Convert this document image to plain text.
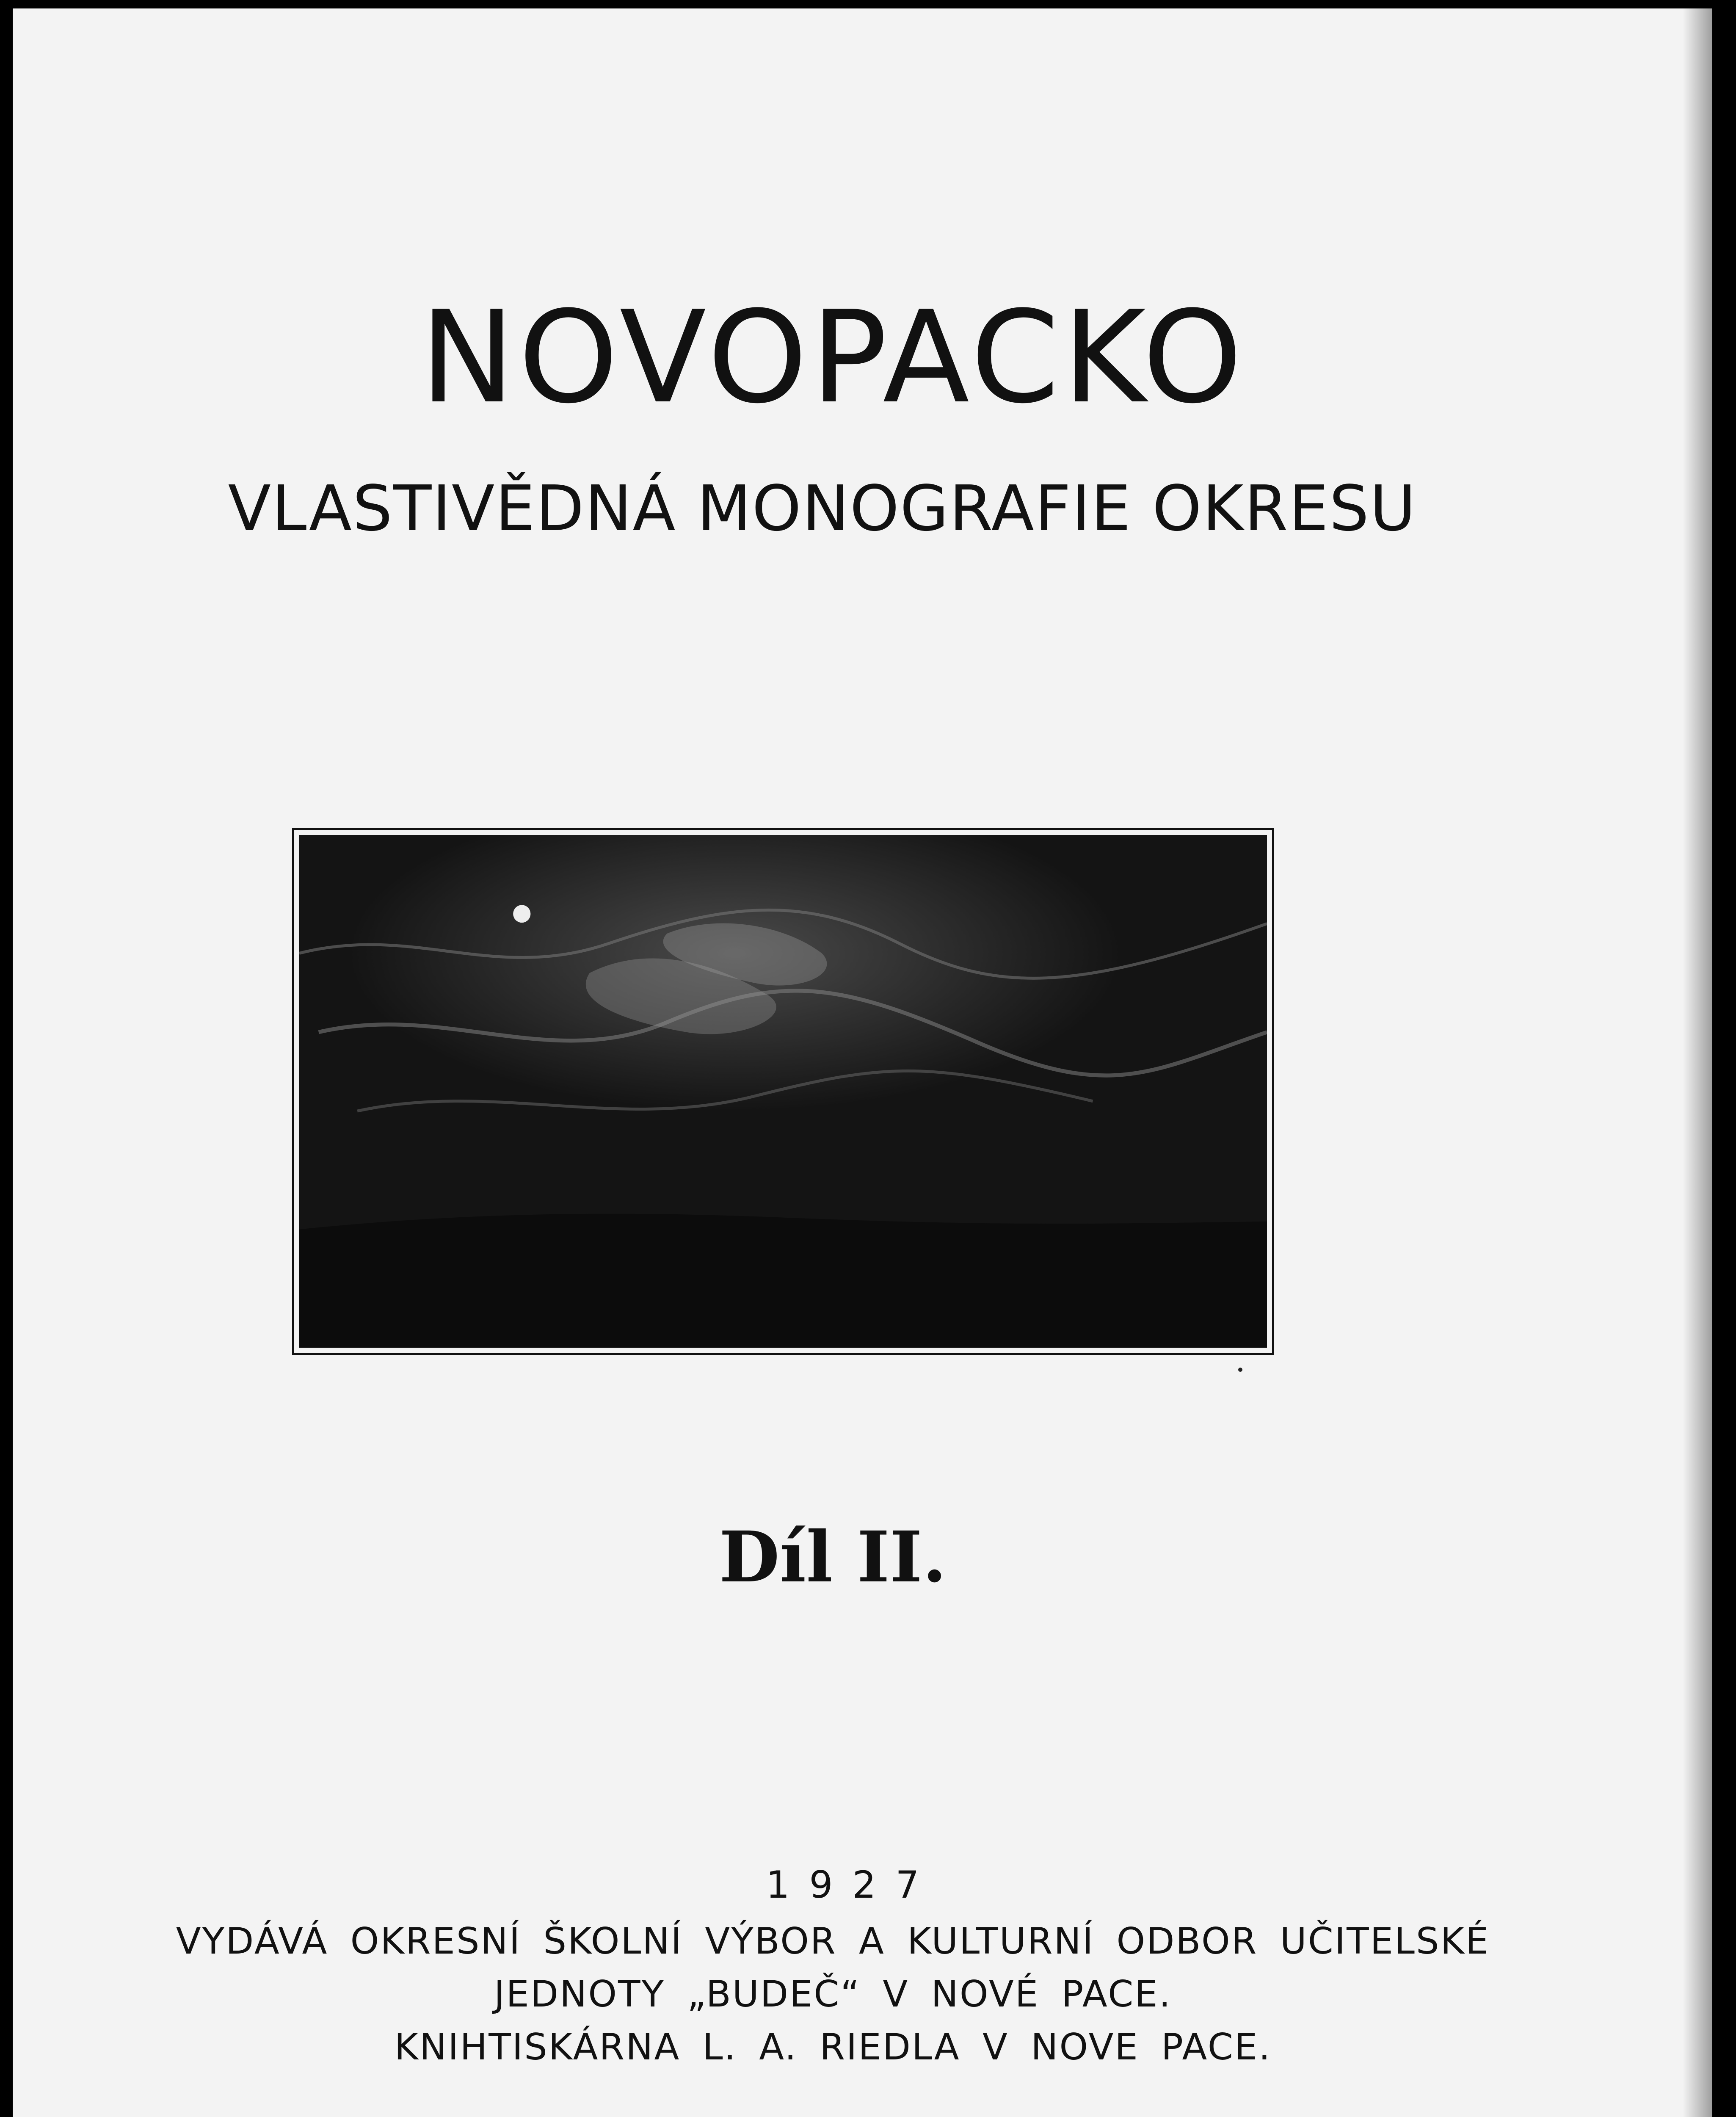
NOVOPACKO
VLASTIVĚDNÁ MONOGRAFIE OKRESU

Díl II.

1927
VYDÁVÁ OKRESNÍ ŠKOLNÍ VÝBOR A KULTURNÍ ODBOR UČITELSKÉ
JEDNOTY „BUDEČ“ V NOVÉ PACE.
KNIHTISKÁRNA L. A. RIEDLA V NOVE PACE.
